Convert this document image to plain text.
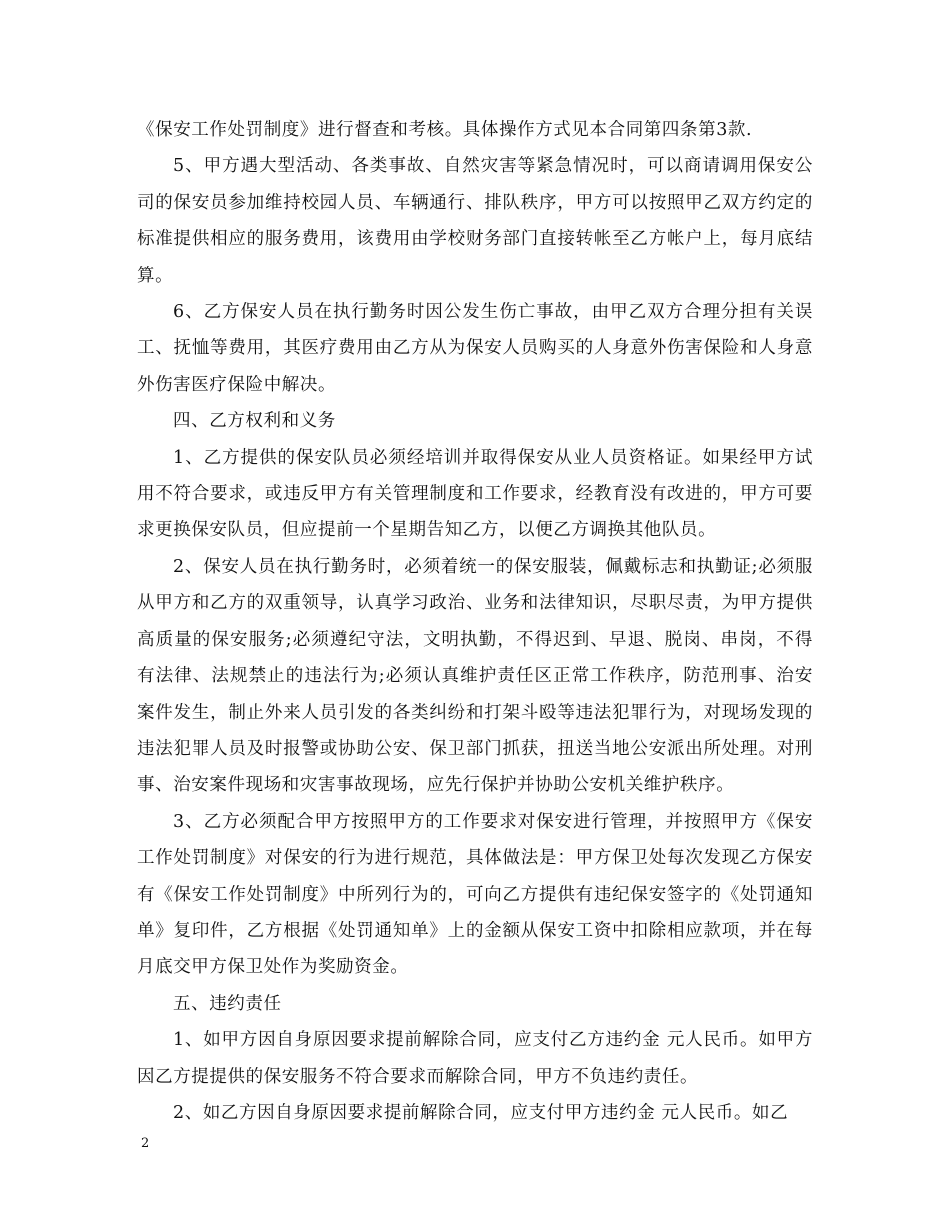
《保安工作处罚制度》进行督查和考核。具体操作方式见本合同第四条第3款.

5、甲方遇大型活动、各类事故、自然灾害等紧急情况时，可以商请调用保安公司的保安员参加维持校园人员、车辆通行、排队秩序，甲方可以按照甲乙双方约定的标准提供相应的服务费用，该费用由学校财务部门直接转帐至乙方帐户上，每月底结算。

6、乙方保安人员在执行勤务时因公发生伤亡事故，由甲乙双方合理分担有关误工、抚恤等费用，其医疗费用由乙方从为保安人员购买的人身意外伤害保险和人身意外伤害医疗保险中解决。

四、乙方权利和义务

1、乙方提供的保安队员必须经培训并取得保安从业人员资格证。如果经甲方试用不符合要求，或违反甲方有关管理制度和工作要求，经教育没有改进的，甲方可要求更换保安队员，但应提前一个星期告知乙方，以便乙方调换其他队员。

2、保安人员在执行勤务时，必须着统一的保安服装，佩戴标志和执勤证;必须服从甲方和乙方的双重领导，认真学习政治、业务和法律知识，尽职尽责，为甲方提供高质量的保安服务;必须遵纪守法，文明执勤，不得迟到、早退、脱岗、串岗，不得有法律、法规禁止的违法行为;必须认真维护责任区正常工作秩序，防范刑事、治安案件发生，制止外来人员引发的各类纠纷和打架斗殴等违法犯罪行为，对现场发现的违法犯罪人员及时报警或协助公安、保卫部门抓获，扭送当地公安派出所处理。对刑事、治安案件现场和灾害事故现场，应先行保护并协助公安机关维护秩序。

3、乙方必须配合甲方按照甲方的工作要求对保安进行管理，并按照甲方《保安工作处罚制度》对保安的行为进行规范，具体做法是：甲方保卫处每次发现乙方保安有《保安工作处罚制度》中所列行为的，可向乙方提供有违纪保安签字的《处罚通知单》复印件，乙方根据《处罚通知单》上的金额从保安工资中扣除相应款项，并在每月底交甲方保卫处作为奖励资金。

五、违约责任

1、如甲方因自身原因要求提前解除合同，应支付乙方违约金 元人民币。如甲方因乙方提提供的保安服务不符合要求而解除合同，甲方不负违约责任。

2、如乙方因自身原因要求提前解除合同，应支付甲方违约金 元人民币。如乙

2
